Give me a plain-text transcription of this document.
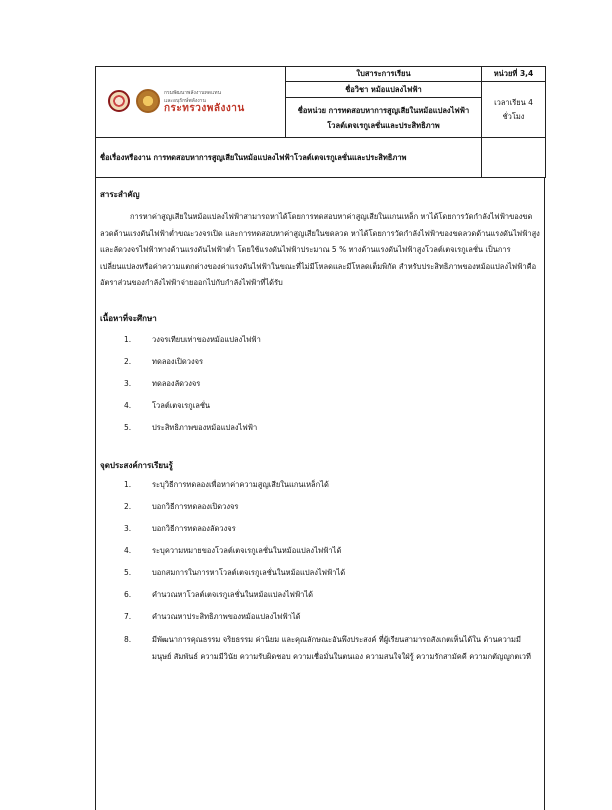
กรมพัฒนาพลังงานทดแทน
และอนุรักษ์พลังงาน
กระทรวงพลังงาน	ใบสาระการเรียน	หน่วยที่ 3,4
	ชื่อวิชา หม้อแปลงไฟฟ้า	เวลาเรียน 4 ชั่วโมง
	ชื่อหน่วย การทดสอบหาการสูญเสียในหม้อแปลงไฟฟ้าโวลต์เตจเรกูเลชั่นและประสิทธิภาพ	
ชื่อเรื่องหรืองาน การทดสอบหาการสูญเสียในหม้อแปลงไฟฟ้าโวลต์เตจเรกูเลชั่นและประสิทธิภาพ		
สาระสำคัญ

การหาค่าสูญเสียในหม้อแปลงไฟฟ้าสามารถหาได้โดยการทดสอบหาค่าสูญเสียในแกนเหล็ก หาได้โดยการวัดกำลังไฟฟ้าของขดลวดด้านแรงดันไฟฟ้าต่ำขณะวงจรเปิด และการทดสอบหาค่าสูญเสียในขดลวด หาได้โดยการวัดกำลังไฟฟ้าของขดลวดด้านแรงดันไฟฟ้าสูงและลัดวงจรไฟฟ้าทางด้านแรงดันไฟฟ้าต่ำ โดยใช้แรงดันไฟฟ้าประมาณ 5 % ทางด้านแรงดันไฟฟ้าสูงโวลต์เตจเรกูเลชั่น เป็นการเปลี่ยนแปลงหรือค่าความแตกต่างของค่าแรงดันไฟฟ้าในขณะที่ไม่มีโหลดและมีโหลดเต็มพิกัด สำหรับประสิทธิภาพของหม้อแปลงไฟฟ้าคืออัตราส่วนของกำลังไฟฟ้าจ่ายออกไปกับกำลังไฟฟ้าที่ได้รับ

เนื้อหาที่จะศึกษา
1.	วงจรเทียบเท่าของหม้อแปลงไฟฟ้า
2.	ทดลองเปิดวงจร
3.	ทดลองลัดวงจร
4.	โวลต์เตจเรกูเลชั่น
5.	ประสิทธิภาพของหม้อแปลงไฟฟ้า
จุดประสงค์การเรียนรู้
1.	ระบุวิธีการทดลองเพื่อหาค่าความสูญเสียในแกนเหล็กได้
2.	บอกวิธีการทดลองเปิดวงจร
3.	บอกวิธีการทดลองลัดวงจร
4.	ระบุความหมายของโวลต์เตจเรกูเลชั่นในหม้อแปลงไฟฟ้าได้
5.	บอกสมการในการหาโวลต์เตจเรกูเลชั่นในหม้อแปลงไฟฟ้าได้
6.	คำนวณหาโวลต์เตจเรกูเลชั่นในหม้อแปลงไฟฟ้าได้
7.	คำนวณหาประสิทธิภาพของหม้อแปลงไฟฟ้าได้
8.	มีพัฒนาการคุณธรรม จริยธรรม ค่านิยม และคุณลักษณะอันพึงประสงค์ ที่ผู้เรียนสามารถสังเกตเห็นได้ใน ด้านความมีมนุษย์ สัมพันธ์ ความมีวินัย ความรับผิดชอบ ความเชื่อมั่นในตนเอง ความสนใจใฝ่รู้ ความรักสามัคคี ความกตัญญูกตเวที
